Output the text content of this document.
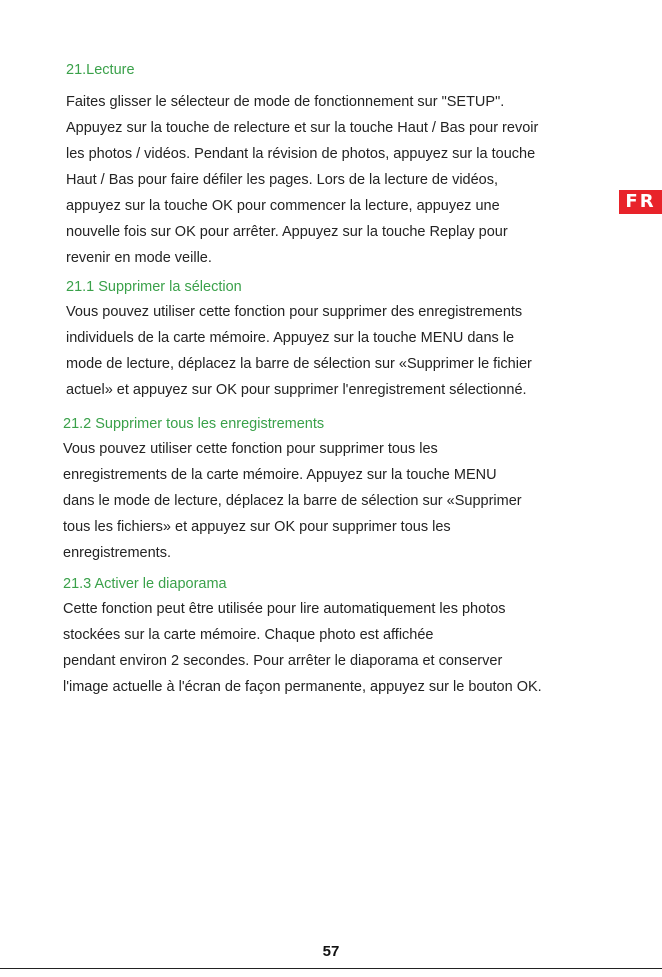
21.Lecture
Faites glisser le sélecteur de mode de fonctionnement sur "SETUP".
Appuyez sur la touche de relecture et sur la touche Haut / Bas pour revoir
les photos / vidéos. Pendant la révision de photos, appuyez sur la touche
Haut / Bas pour faire défiler les pages. Lors de la lecture de vidéos,
appuyez sur la touche OK pour commencer la lecture, appuyez une
nouvelle fois sur OK pour arrêter. Appuyez sur la touche Replay pour
revenir en mode veille.
21.1 Supprimer la sélection
Vous pouvez utiliser cette fonction pour supprimer des enregistrements
individuels de la carte mémoire. Appuyez sur la touche MENU dans le
mode de lecture, déplacez la barre de sélection sur «Supprimer le fichier
actuel» et appuyez sur OK pour supprimer l'enregistrement sélectionné.
21.2 Supprimer tous les enregistrements
Vous pouvez utiliser cette fonction pour supprimer tous les
enregistrements de la carte mémoire. Appuyez sur la touche MENU
dans le mode de lecture, déplacez la barre de sélection sur «Supprimer
tous les fichiers» et appuyez sur OK pour supprimer tous les
enregistrements.
21.3 Activer le diaporama
Cette fonction peut être utilisée pour lire automatiquement les photos
stockées sur la carte mémoire. Chaque photo est affichée
pendant environ 2 secondes. Pour arrêter le diaporama et conserver
l'image actuelle à l'écran de façon permanente, appuyez sur le bouton OK.
FR
57
